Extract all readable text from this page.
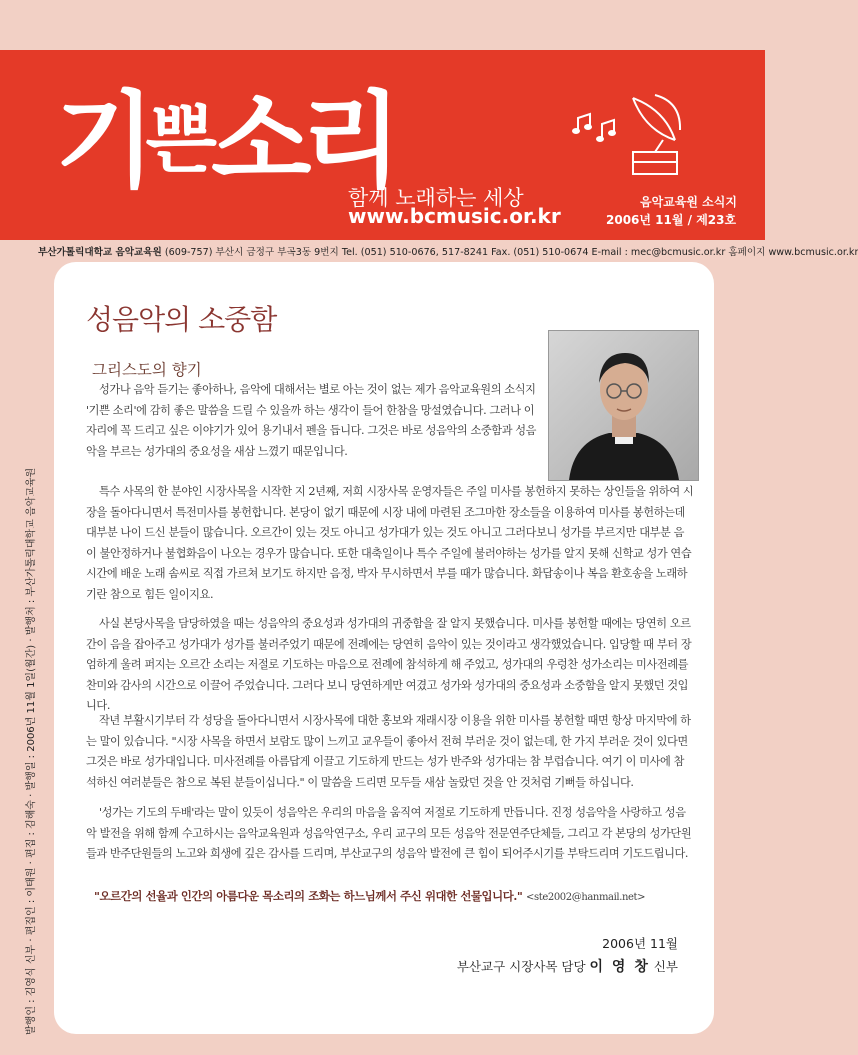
기쁜소리
함께 노래하는 세상
www.bcmusic.or.kr
음악교육원 소식지
2006년 11월 / 제23호
부산가톨릭대학교 음악교육원 (609-757) 부산시 금정구 부곡3동 9번지 Tel. (051) 510-0676, 517-8241 Fax. (051) 510-0674 E-mail : mec@bcmusic.or.kr 홈페이지 www.bcmusic.or.kr
성음악의 소중함
그리스도의 향기

성가나 음악 듣기는 좋아하나, 음악에 대해서는 별로 아는 것이 없는 제가 음악교육원의 소식지 '기쁜 소리'에 감히 좋은 말씀을 드릴 수 있을까 하는 생각이 들어 한참을 망설였습니다. 그러나 이 자리에 꼭 드리고 싶은 이야기가 있어 용기내서 펜을 듭니다. 그것은 바로 성음악의 소중함과 성음악을 부르는 성가대의 중요성을 새삼 느꼈기 때문입니다.

특수 사목의 한 분야인 시장사목을 시작한 지 2년째, 저희 시장사목 운영자들은 주일 미사를 봉헌하지 못하는 상인들을 위하여 시장을 돌아다니면서 특전미사를 봉헌합니다. 본당이 없기 때문에 시장 내에 마련된 조그마한 장소들을 이용하여 미사를 봉헌하는데 대부분 나이 드신 분들이 많습니다. 오르간이 있는 것도 아니고 성가대가 있는 것도 아니고 그러다보니 성가를 부르지만 대부분 음이 불안정하거나 불협화음이 나오는 경우가 많습니다. 또한 대축일이나 특수 주일에 불러야하는 성가를 알지 못해 신학교 성가 연습 시간에 배운 노래 솜씨로 직접 가르쳐 보기도 하지만 음정, 박자 무시하면서 부를 때가 많습니다. 화답송이나 복음 환호송을 노래하기란 참으로 힘든 일이지요.

사실 본당사목을 담당하였을 때는 성음악의 중요성과 성가대의 귀중함을 잘 알지 못했습니다. 미사를 봉헌할 때에는 당연히 오르간이 음을 잡아주고 성가대가 성가를 불러주었기 때문에 전례에는 당연히 음악이 있는 것이라고 생각했었습니다. 입당할 때 부터 장엄하게 울려 퍼지는 오르간 소리는 저절로 기도하는 마음으로 전례에 참석하게 해 주었고, 성가대의 우렁찬 성가소리는 미사전례를 찬미와 감사의 시간으로 이끌어 주었습니다. 그러다 보니 당연하게만 여겼고 성가와 성가대의 중요성과 소중함을 알지 못했던 것입니다.

작년 부활시기부터 각 성당을 돌아다니면서 시장사목에 대한 홍보와 재래시장 이용을 위한 미사를 봉헌할 때면 항상 마지막에 하는 말이 있습니다. "시장 사목을 하면서 보람도 많이 느끼고 교우들이 좋아서 전혀 부러운 것이 없는데, 한 가지 부러운 것이 있다면 그것은 바로 성가대입니다. 미사전례를 아름답게 이끌고 기도하게 만드는 성가 반주와 성가대는 참 부럽습니다. 여기 이 미사에 참석하신 여러분들은 참으로 복된 분들이십니다." 이 말씀을 드리면 모두들 새삼 놀랐던 것을 안 것처럼 기뻐들 하십니다.

'성가는 기도의 두배'라는 말이 있듯이 성음악은 우리의 마음을 움직여 저절로 기도하게 만듭니다. 진정 성음악을 사랑하고 성음악 발전을 위해 함께 수고하시는 음악교육원과 성음악연구소, 우리 교구의 모든 성음악 전문연주단체들, 그리고 각 본당의 성가단원들과 반주단원들의 노고와 희생에 깊은 감사를 드리며, 부산교구의 성음악 발전에 큰 힘이 되어주시기를 부탁드리며 기도드립니다.

"오르간의 선율과 인간의 아름다운 목소리의 조화는 하느님께서 주신 위대한 선물입니다." <ste2002@hanmail.net>
2006년 11월
부산교구 시장사목 담당 이 영 창 신부
발행인 : 김영식 신부 · 편집인 : 이태원 · 편집 : 김해숙 · 발행일 : 2006년 11월 1일(월간) · 발행처 : 부산가톨릭대학교 음악교육원
